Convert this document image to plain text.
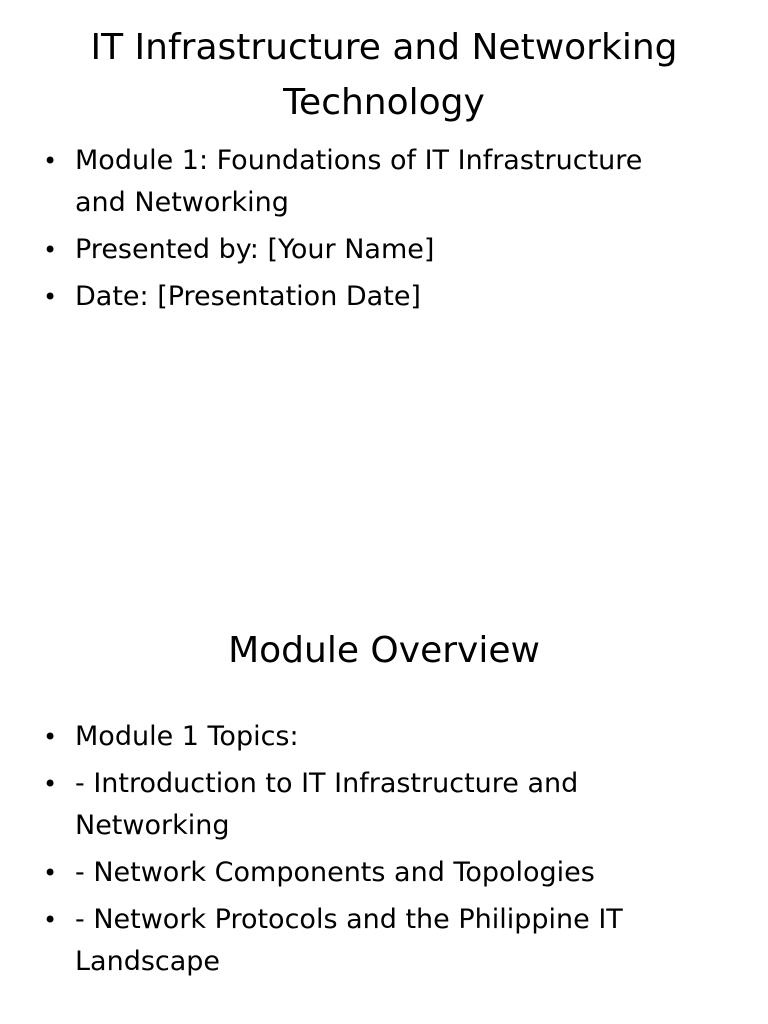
IT Infrastructure and Networking Technology
• Module 1: Foundations of IT Infrastructure and Networking
• Presented by: [Your Name]
• Date: [Presentation Date]
Module Overview
• Module 1 Topics:
• - Introduction to IT Infrastructure and Networking
• - Network Components and Topologies
• - Network Protocols and the Philippine IT Landscape
